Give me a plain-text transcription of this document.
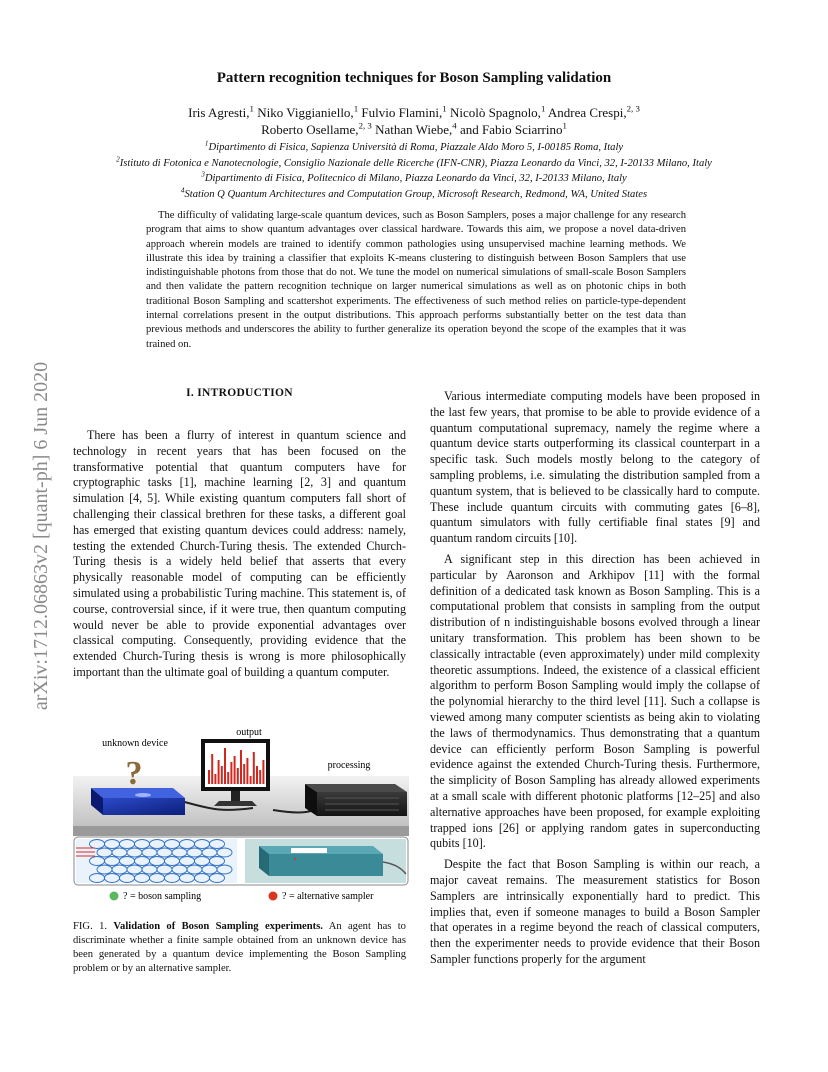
arXiv:1712.06863v2 [quant-ph] 6 Jun 2020
Pattern recognition techniques for Boson Sampling validation
Iris Agresti,$^1$ Niko Viggianiello,$^1$ Fulvio Flamini,$^1$ Nicolò Spagnolo,$^1$ Andrea Crespi,$^{2, 3}$ Roberto Osellame,$^{2, 3}$ Nathan Wiebe,$^4$ and Fabio Sciarrino$^1$
$^1$Dipartimento di Fisica, Sapienza Università di Roma, Piazzale Aldo Moro 5, I-00185 Roma, Italy
$^2$Istituto di Fotonica e Nanotecnologie, Consiglio Nazionale delle Ricerche (IFN-CNR), Piazza Leonardo da Vinci, 32, I-20133 Milano, Italy
$^3$Dipartimento di Fisica, Politecnico di Milano, Piazza Leonardo da Vinci, 32, I-20133 Milano, Italy
$^4$Station Q Quantum Architectures and Computation Group, Microsoft Research, Redmond, WA, United States

The difficulty of validating large-scale quantum devices, such as Boson Samplers, poses a major challenge for any research program that aims to show quantum advantages over classical hardware. Towards this aim, we propose a novel data-driven approach wherein models are trained to identify common pathologies using unsupervised machine learning methods. We illustrate this idea by training a classifier that exploits K-means clustering to distinguish between Boson Samplers that use indistinguishable photons from those that do not. We tune the model on numerical simulations of small-scale Boson Samplers and then validate the pattern recognition technique on larger numerical simulations as well as on photonic chips in both traditional Boson Sampling and scattershot experiments. The effectiveness of such method relies on particle-type-dependent internal correlations present in the output distributions. This approach performs substantially better on the test data than previous methods and underscores the ability to further generalize its operation beyond the scope of the examples that it was trained on.

I. INTRODUCTION

There has been a flurry of interest in quantum science and technology in recent years that has been focused on the transformative potential that quantum computers have for cryptographic tasks [1], machine learning [2, 3] and quantum simulation [4, 5]. While existing quantum computers fall short of challenging their classical brethren for these tasks, a different goal has emerged that existing quantum devices could address: namely, testing the extended Church-Turing thesis. The extended Church-Turing thesis is a widely held belief that asserts that every physically reasonable model of computing can be efficiently simulated using a probabilistic Turing machine. This statement is, of course, controversial since, if it were true, then quantum computing would never be able to provide exponential advantages over classical computing. Consequently, providing evidence that the extended Church-Turing thesis is wrong is more philosophically important than the ultimate goal of building a quantum computer.

?
unknown device
output
processing
? = boson sampling	? = alternative sampler
FIG. 1. Validation of Boson Sampling experiments. An agent has to discriminate whether a finite sample obtained from an unknown device has been generated by a quantum device implementing the Boson Sampling problem or by an alternative sampler.

Various intermediate computing models have been proposed in the last few years, that promise to be able to provide evidence of a quantum computational supremacy, namely the regime where a quantum device starts outperforming its classical counterpart in a specific task. Such models mostly belong to the category of sampling problems, i.e. simulating the distribution sampled from a quantum system, that is believed to be classically hard to compute. These include quantum circuits with commuting gates [6–8], quantum simulators with fully certifiable final states [9] and quantum random circuits [10].

A significant step in this direction has been achieved in particular by Aaronson and Arkhipov [11] with the formal definition of a dedicated task known as Boson Sampling. This is a computational problem that consists in sampling from the output distribution of n indistinguishable bosons evolved through a linear unitary transformation. This problem has been shown to be classically intractable (even approximately) under mild complexity theoretic assumptions. Indeed, the existence of a classical efficient algorithm to perform Boson Sampling would imply the collapse of the polynomial hierarchy to the third level [11]. Such a collapse is viewed among many computer scientists as being akin to violating the laws of thermodynamics. Thus demonstrating that a quantum device can efficiently perform Boson Sampling is powerful evidence against the extended Church-Turing thesis. Furthermore, the simplicity of Boson Sampling has already allowed experiments at a small scale with different photonic platforms [12–25] and also alternative approaches have been proposed, for example exploiting trapped ions [26] or applying random gates in superconducting qubits [10].

Despite the fact that Boson Sampling is within our reach, a major caveat remains. The measurement statistics for Boson Samplers are intrinsically exponentially hard to predict. This implies that, even if someone manages to build a Boson Sampler that operates in a regime beyond the reach of classical computers, then the experimenter needs to provide evidence that their Boson Sampler functions properly for the argument
